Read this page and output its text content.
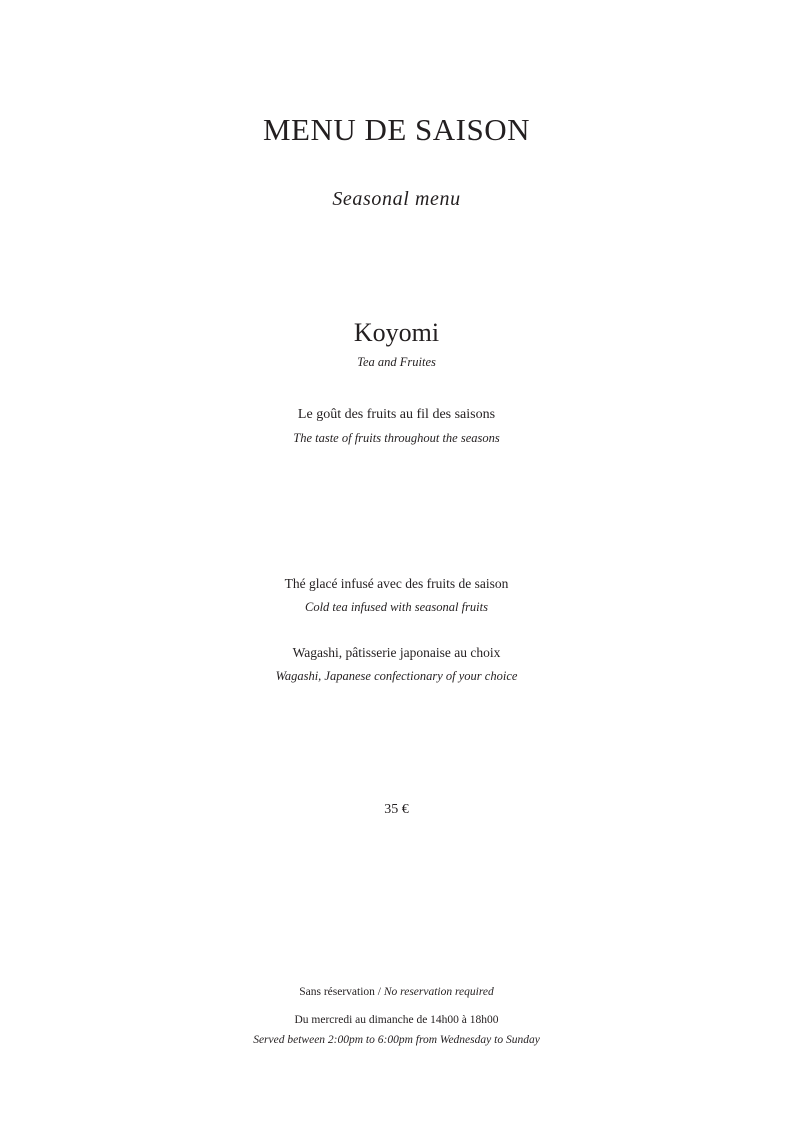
MENU DE SAISON
Seasonal menu
Koyomi
Tea and Fruites
Le goût des fruits au fil des saisons
The taste of fruits throughout the seasons
Thé glacé infusé avec des fruits de saison
Cold tea infused with seasonal fruits
Wagashi, pâtisserie japonaise au choix
Wagashi, Japanese confectionary of your choice
35 €
Sans réservation / No reservation required
Du mercredi au dimanche de 14h00 à 18h00
Served between 2:00pm to 6:00pm from Wednesday to Sunday
